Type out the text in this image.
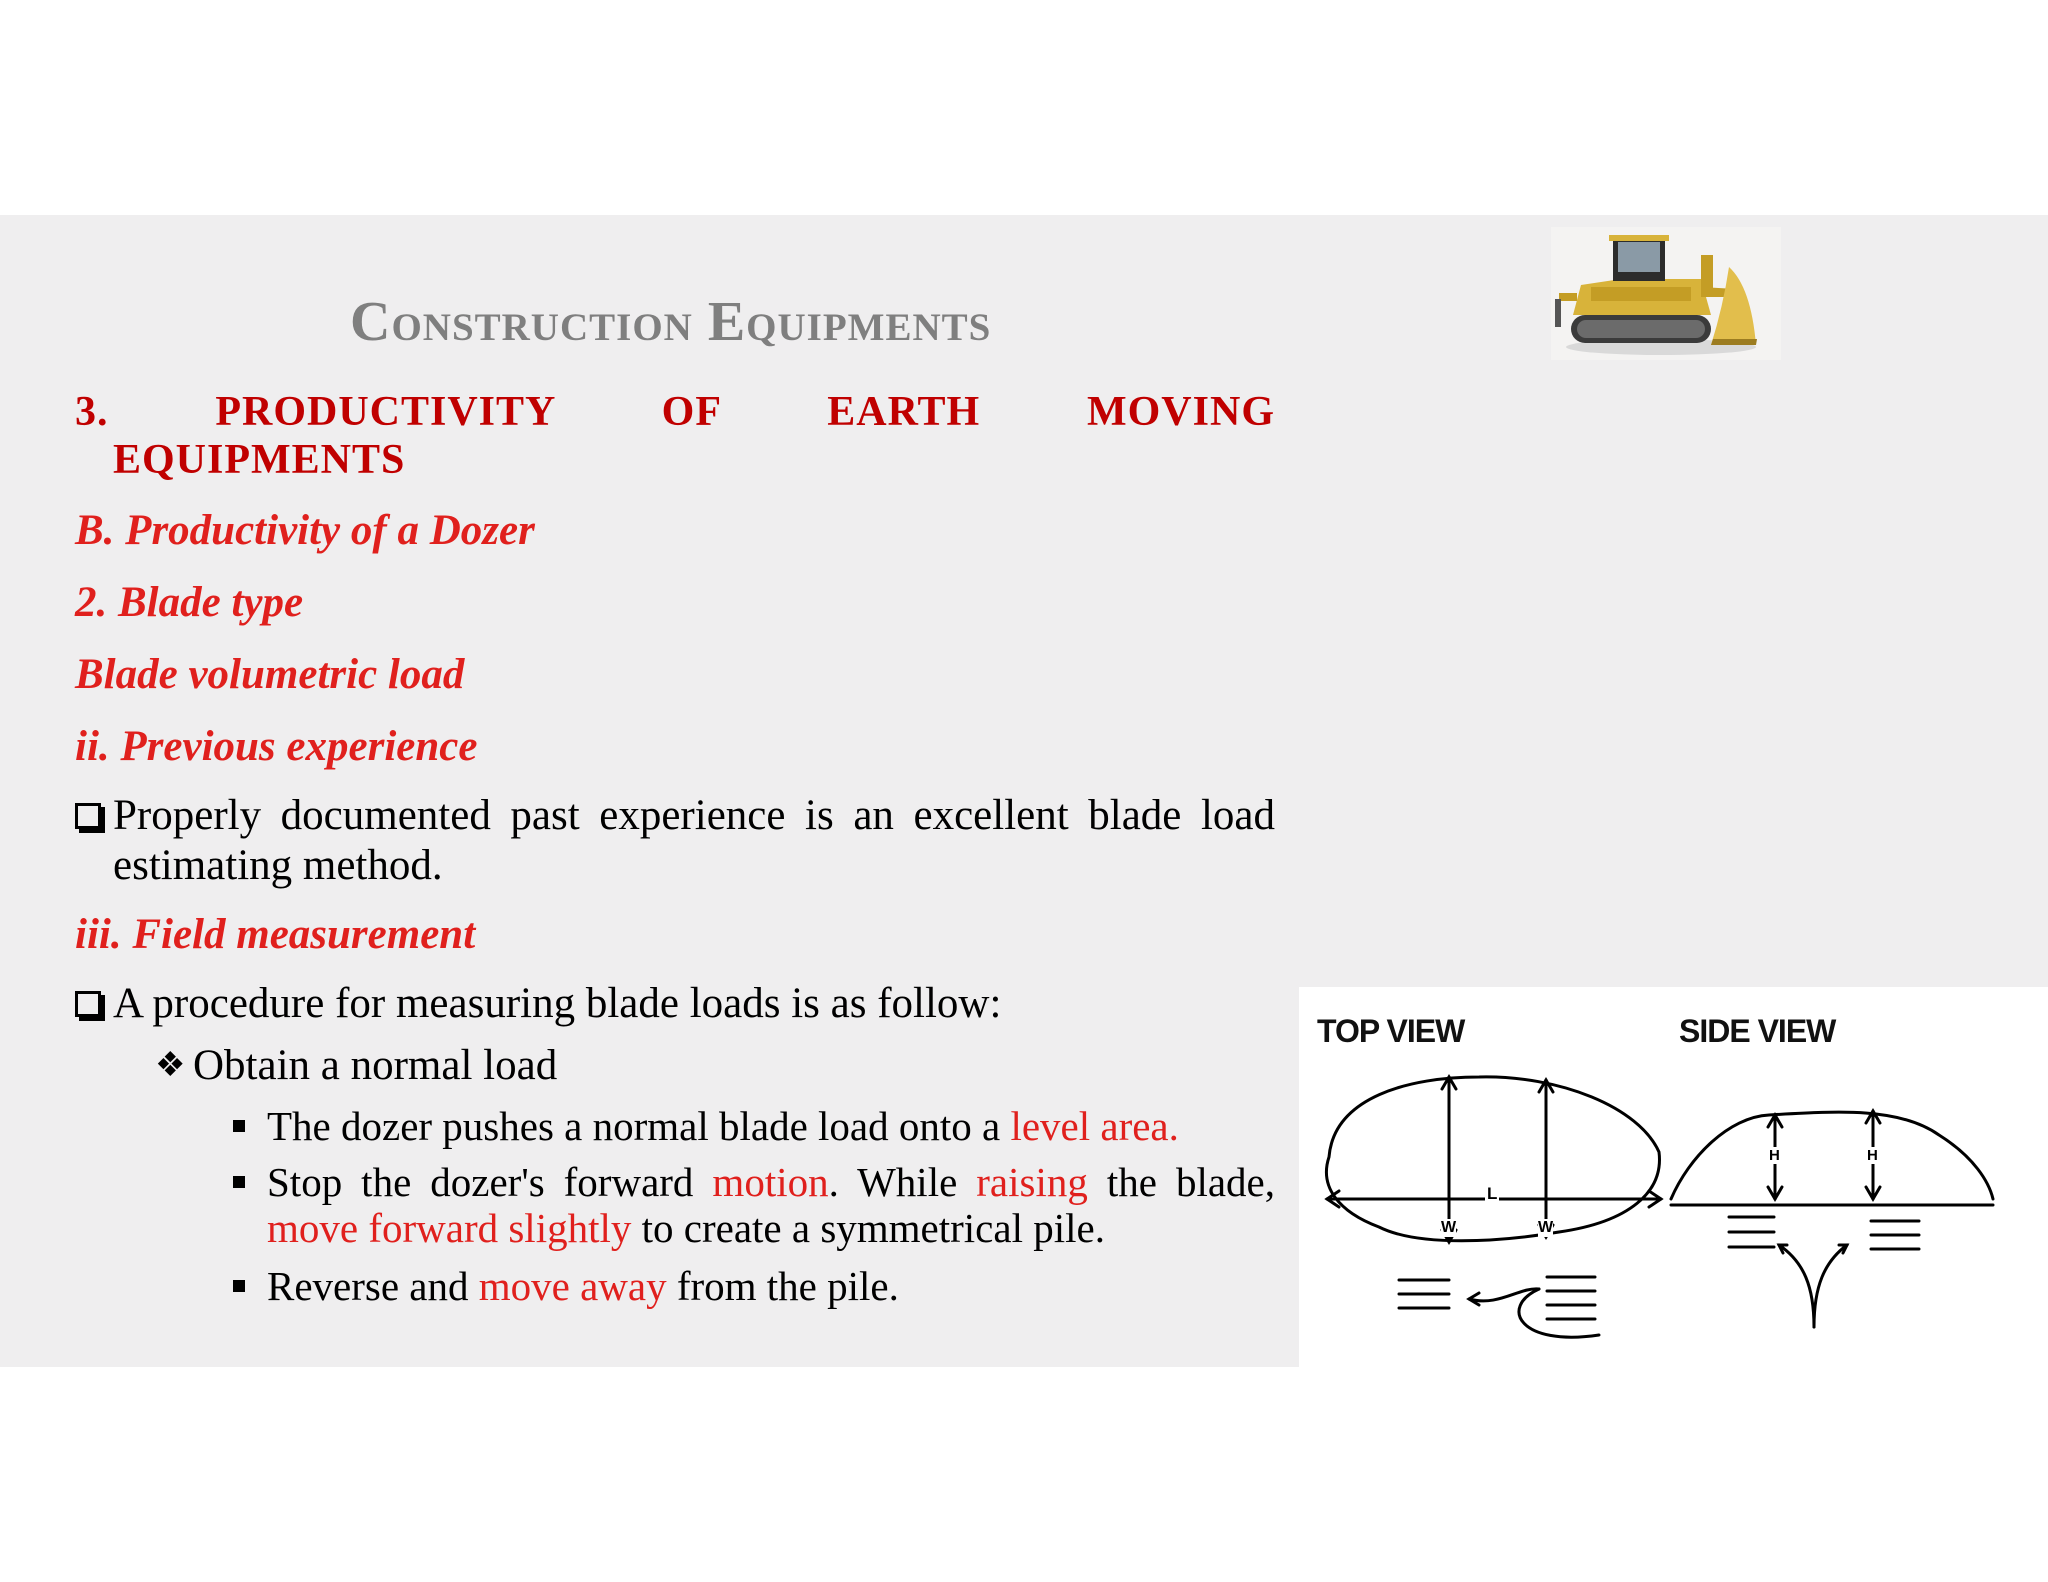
Construction Equipments
3.	PRODUCTIVITY	OF	EARTH	MOVING
EQUIPMENTS
B. Productivity of a Dozer
2. Blade type
Blade volumetric load
ii. Previous experience
Properly documented past experience is an excellent blade load estimating method.
iii. Field measurement
A procedure for measuring blade loads is as follow:
❖ Obtain a normal load
The dozer pushes a normal blade load onto a level area.
Stop the dozer's forward motion. While raising the blade, move forward slightly to create a symmetrical pile.
Reverse and move away from the pile.
TOP VIEW	SIDE VIEW
L
W	W
H	H
